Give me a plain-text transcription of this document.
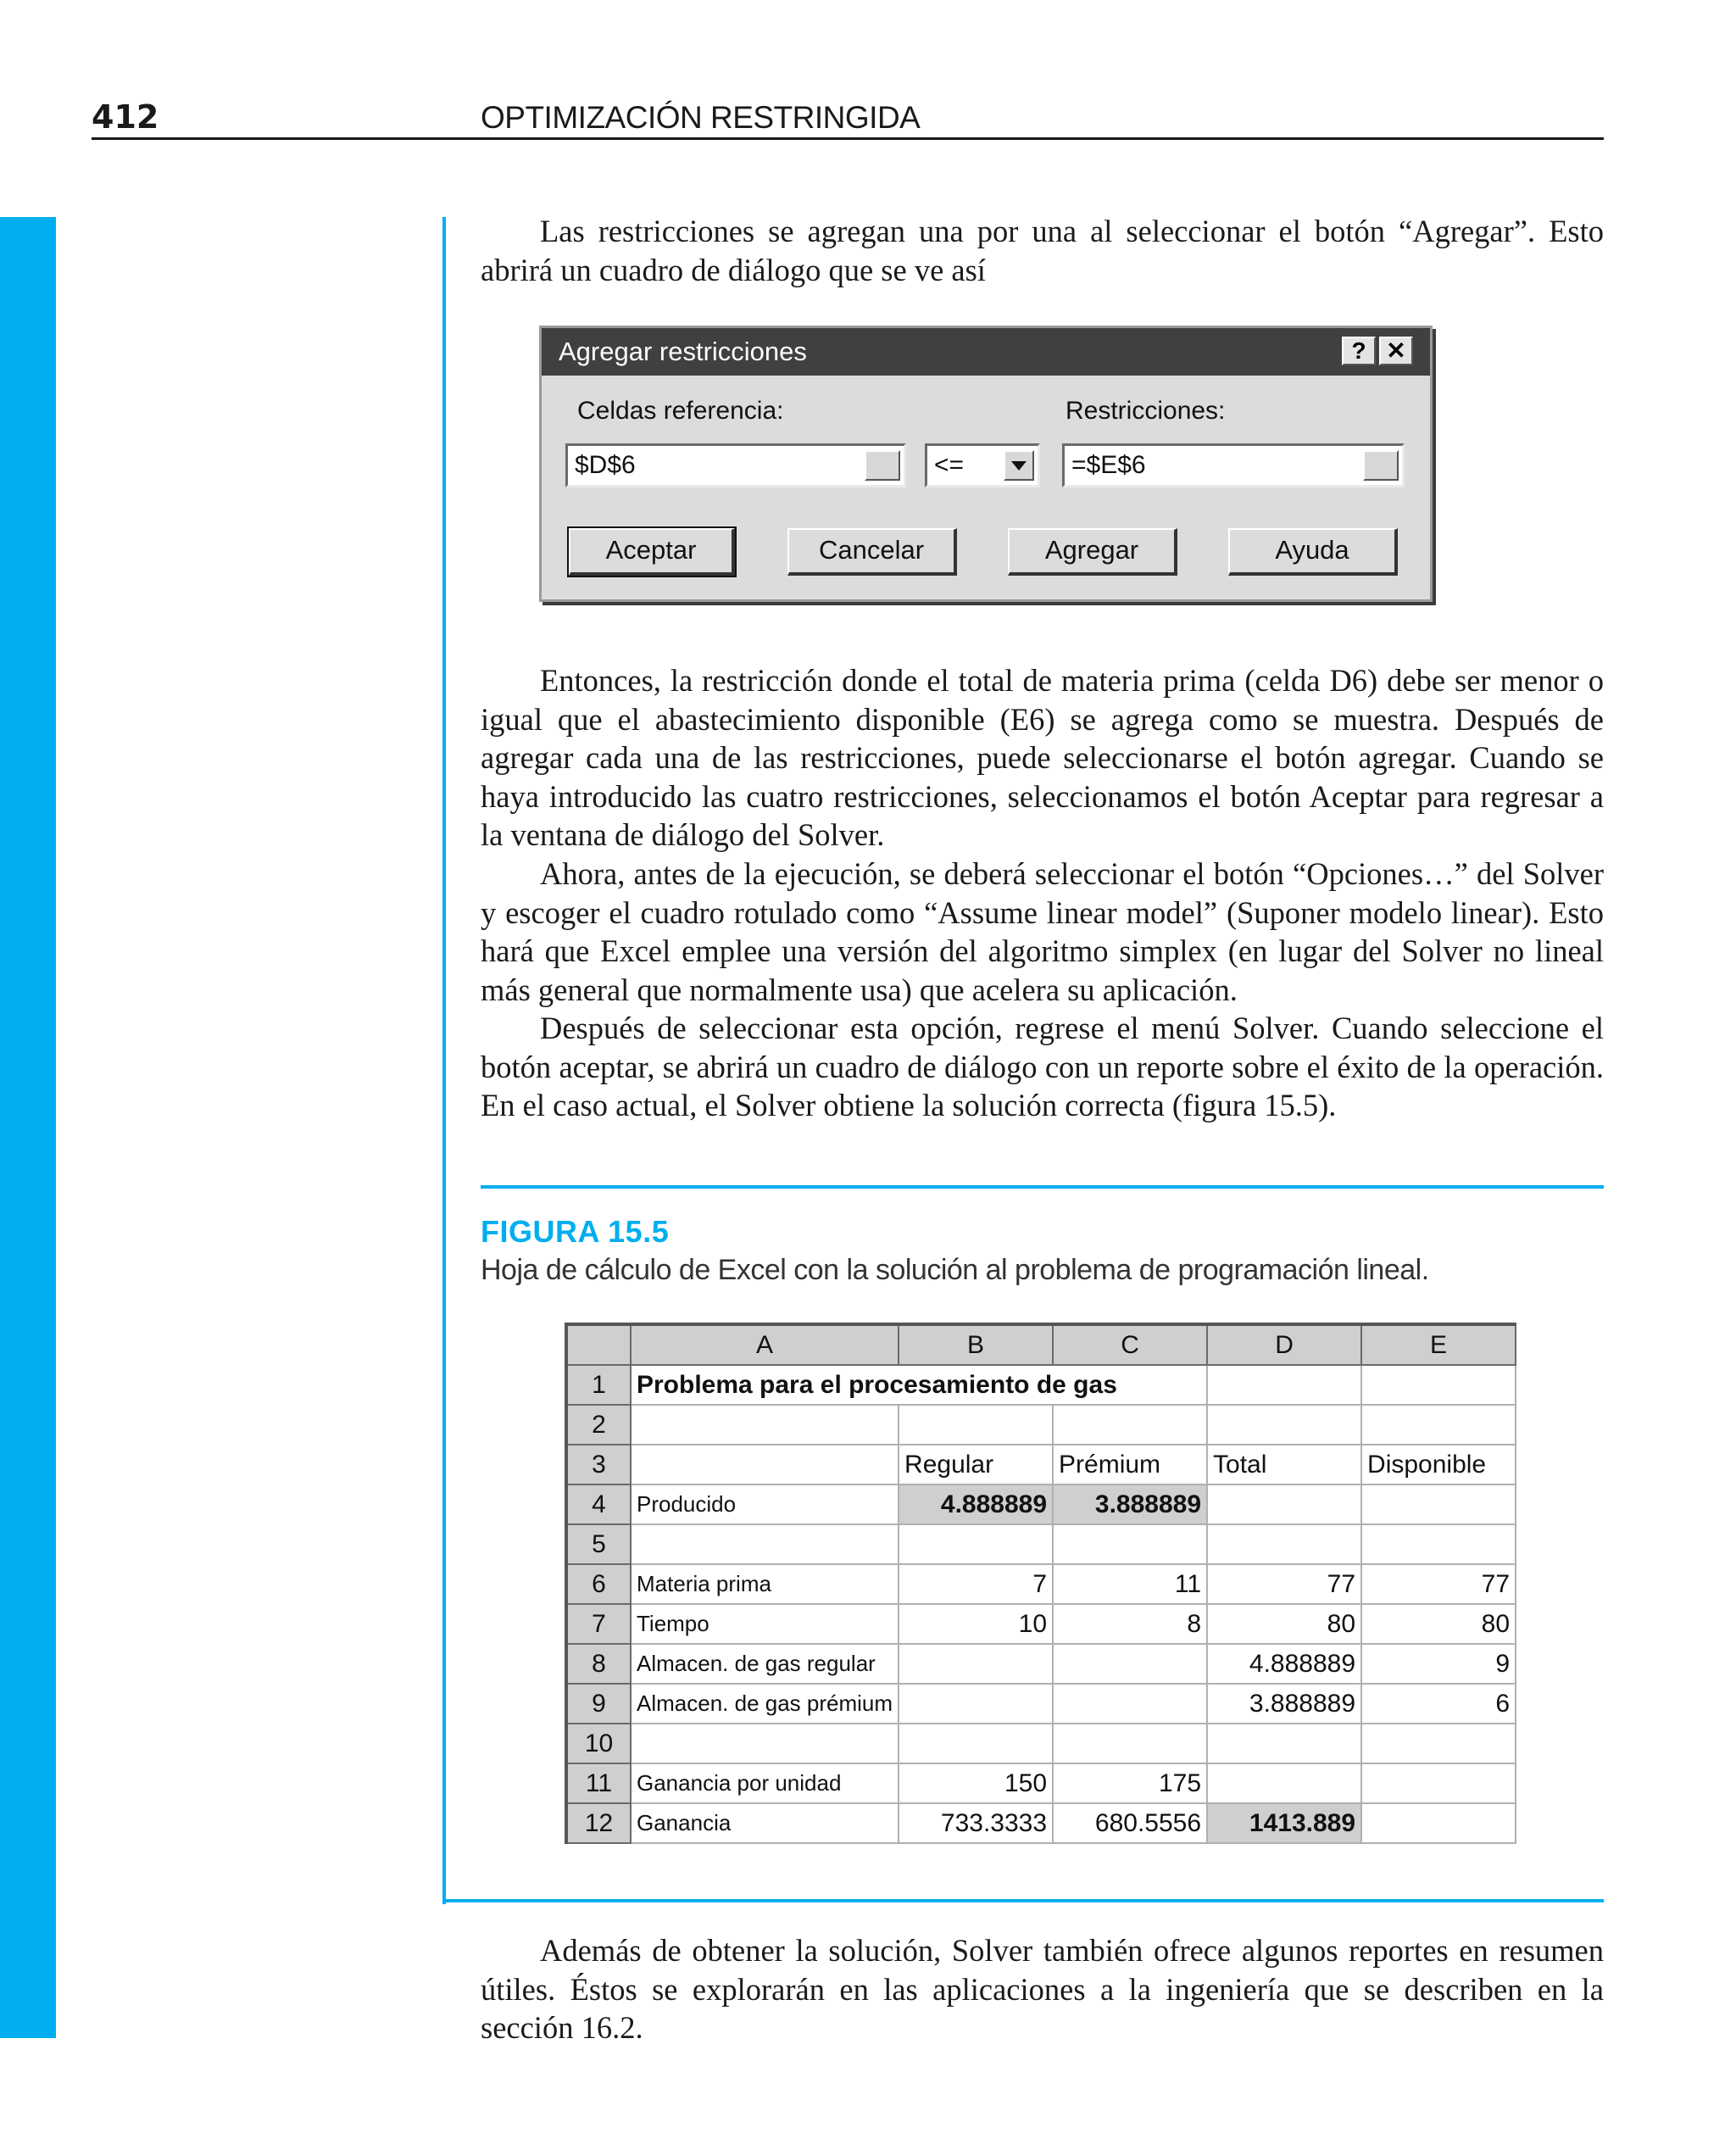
412	OPTIMIZACIÓN RESTRINGIDA

Las restricciones se agregan una por una al seleccionar el botón “Agregar”. Esto abrirá un cuadro de diálogo que se ve así

Agregar restricciones	? ✕
Celdas referencia:	Restricciones:
$D$6	<=	=$E$6
Aceptar	Cancelar	Agregar	Ayuda

Entonces, la restricción donde el total de materia prima (celda D6) debe ser menor o igual que el abastecimiento disponible (E6) se agrega como se muestra. Después de agregar cada una de las restricciones, puede seleccionarse el botón agregar. Cuando se haya introducido las cuatro restricciones, seleccionamos el botón Aceptar para regresar a la ventana de diálogo del Solver.

Ahora, antes de la ejecución, se deberá seleccionar el botón “Opciones…” del Solver y escoger el cuadro rotulado como “Assume linear model” (Suponer modelo linear). Esto hará que Excel emplee una versión del algoritmo simplex (en lugar del Solver no lineal más general que normalmente usa) que acelera su aplicación.

Después de seleccionar esta opción, regrese el menú Solver. Cuando seleccione el botón aceptar, se abrirá un cuadro de diálogo con un reporte sobre el éxito de la operación. En el caso actual, el Solver obtiene la solución correcta (figura 15.5).

FIGURA 15.5
Hoja de cálculo de Excel con la solución al problema de programación lineal.
	A	B	C	D	E
1	Problema para el procesamiento de gas				
2					
3		Regular	Prémium	Total	Disponible
4	Producido	4.888889	3.888889		
5					
6	Materia prima	7	11	77	77
7	Tiempo	10	8	80	80
8	Almacen. de gas regular			4.888889	9
9	Almacen. de gas prémium			3.888889	6
10					
11	Ganancia por unidad	150	175		
12	Ganancia	733.3333	680.5556	1413.889	

Además de obtener la solución, Solver también ofrece algunos reportes en resumen útiles. Éstos se explorarán en las aplicaciones a la ingeniería que se describen en la sección 16.2.
